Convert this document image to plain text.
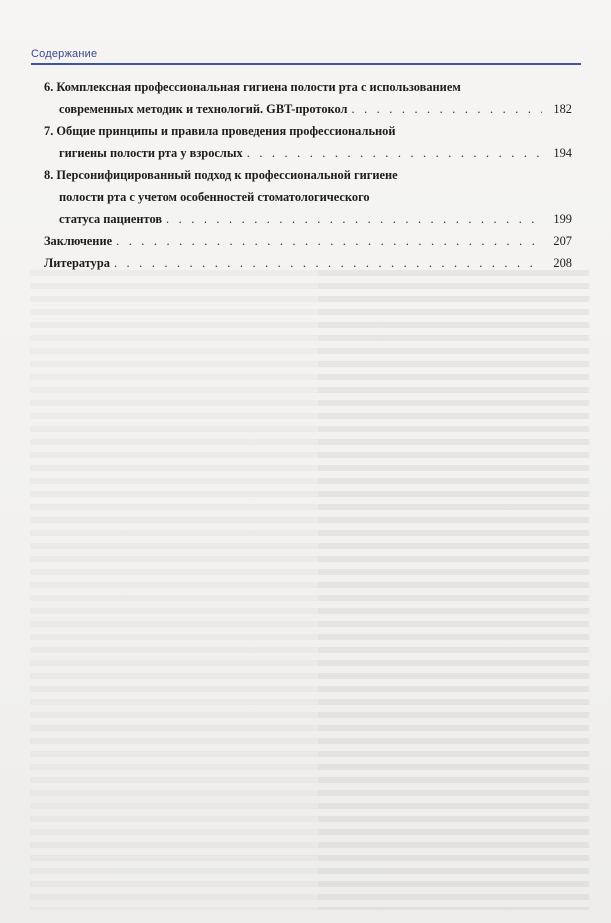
Содержание
6. Комплексная профессиональная гигиена полости рта с использованием
современных методик и технологий. GBT-протокол . . .	182
7. Общие принципы и правила проведения профессиональной
гигиены полости рта у взрослых . . .	194
8. Персонифицированный подход к профессиональной гигиене
полости рта с учетом особенностей стоматологического
статуса пациентов . . .	199
Заключение . . .	207
Литература . . .	208
